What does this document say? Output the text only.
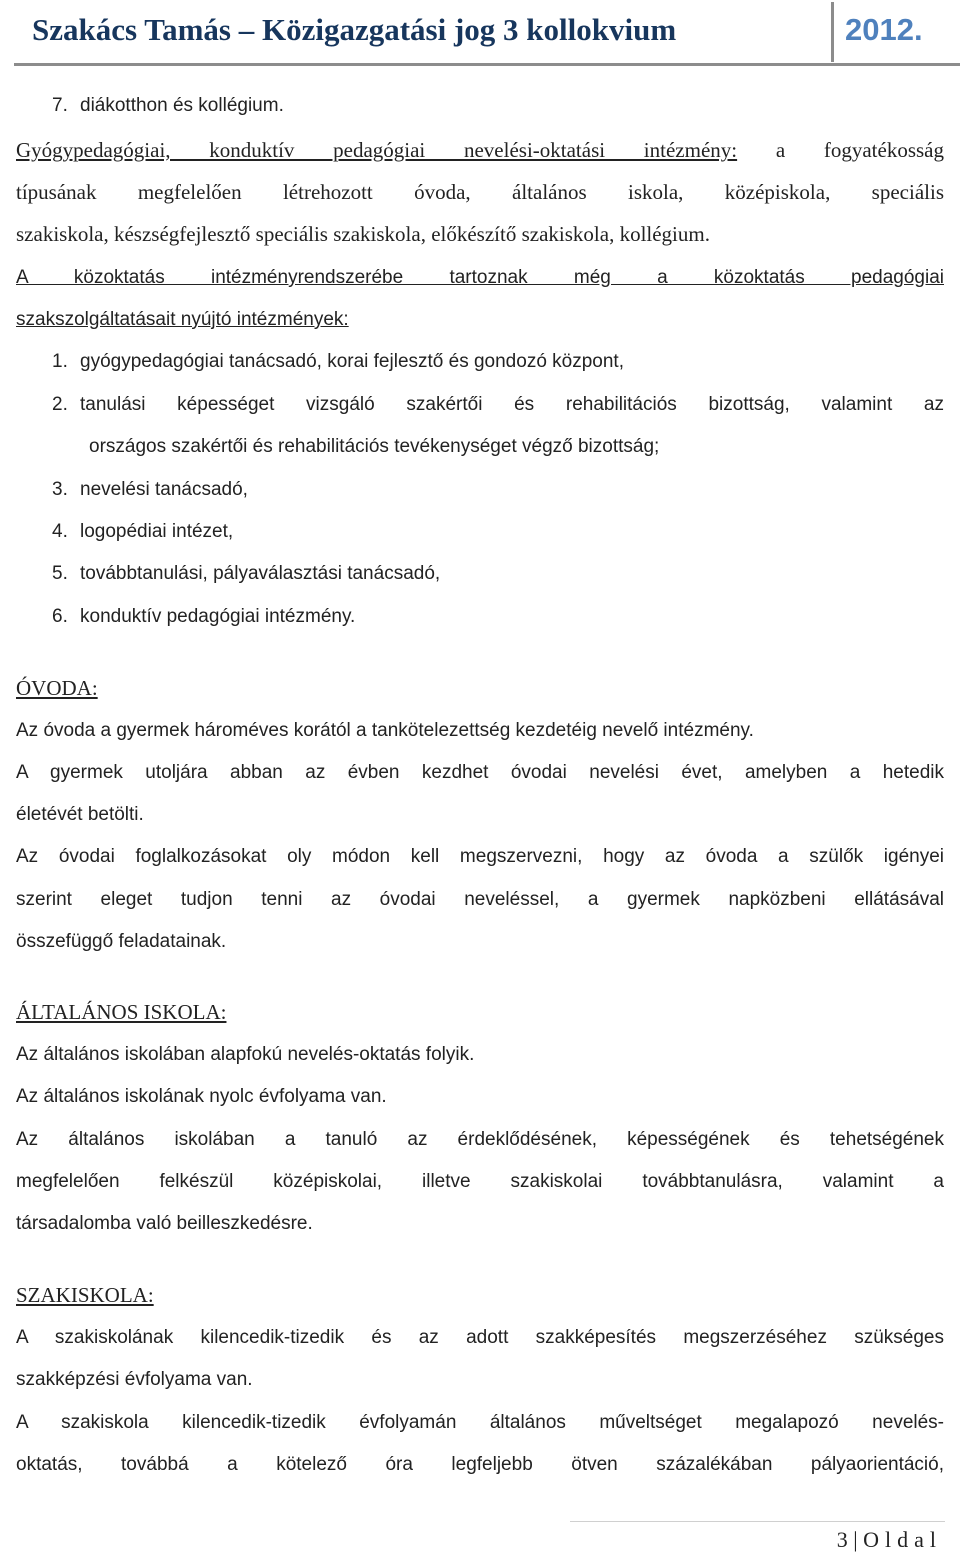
Szakács Tamás – Közigazgatási jog 3 kollokvium	2012.
7. diákotthon és kollégium.
Gyógypedagógiai, konduktív pedagógiai nevelési-oktatási intézmény: a fogyatékosság
típusának megfelelően létrehozott óvoda, általános iskola, középiskola, speciális
szakiskola, készségfejlesztő speciális szakiskola, előkészítő szakiskola, kollégium.
A közoktatás intézményrendszerébe tartoznak még a közoktatás pedagógiai
szakszolgáltatásait nyújtó intézmények:
1. gyógypedagógiai tanácsadó, korai fejlesztő és gondozó központ,
2. tanulási képességet vizsgáló szakértői és rehabilitációs bizottság, valamint az
országos szakértői és rehabilitációs tevékenységet végző bizottság;
3. nevelési tanácsadó,
4. logopédiai intézet,
5. továbbtanulási, pályaválasztási tanácsadó,
6. konduktív pedagógiai intézmény.
ÓVODA:
Az óvoda a gyermek hároméves korától a tankötelezettség kezdetéig nevelő intézmény.
A gyermek utoljára abban az évben kezdhet óvodai nevelési évet, amelyben a hetedik
életévét betölti.
Az óvodai foglalkozásokat oly módon kell megszervezni, hogy az óvoda a szülők igényei
szerint eleget tudjon tenni az óvodai neveléssel, a gyermek napközbeni ellátásával
összefüggő feladatainak.
ÁLTALÁNOS ISKOLA:
Az általános iskolában alapfokú nevelés-oktatás folyik.
Az általános iskolának nyolc évfolyama van.
Az általános iskolában a tanuló az érdeklődésének, képességének és tehetségének
megfelelően felkészül középiskolai, illetve szakiskolai továbbtanulásra, valamint a
társadalomba való beilleszkedésre.
SZAKISKOLA:
A szakiskolának kilencedik-tizedik és az adott szakképesítés megszerzéséhez szükséges
szakképzési évfolyama van.
A szakiskola kilencedik-tizedik évfolyamán általános műveltséget megalapozó nevelés-
oktatás, továbbá a kötelező óra legfeljebb ötven százalékában pályaorientáció,
3 | Oldal
